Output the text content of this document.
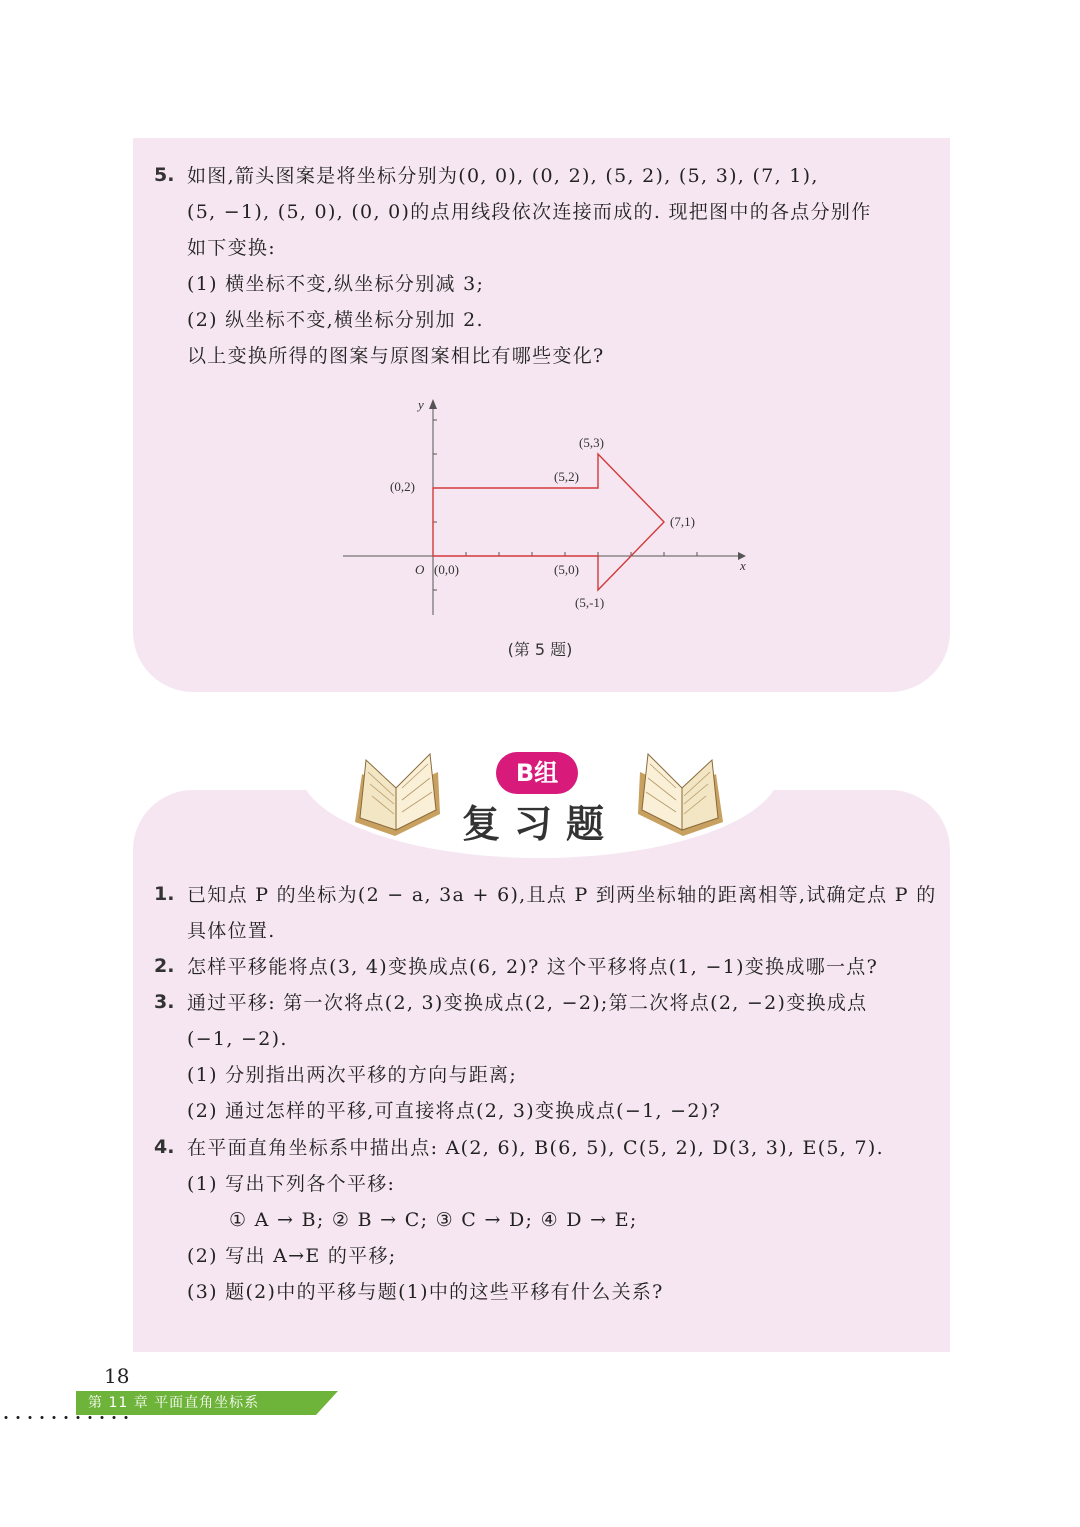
5. 如图,箭头图案是将坐标分别为(0, 0), (0, 2), (5, 2), (5, 3), (7, 1),
(5, −1), (5, 0), (0, 0)的点用线段依次连接而成的. 现把图中的各点分别作
如下变换:
(1) 横坐标不变,纵坐标分别减 3;
(2) 纵坐标不变,横坐标分别加 2.
以上变换所得的图案与原图案相比有哪些变化?
x
y
O (0,0)
(0,2)
(5,2)
(5,3)
(7,1)
(5,-1)
(5,0)
(第 5 题)
B组
复习题
1. 已知点 P 的坐标为(2 − a, 3a + 6),且点 P 到两坐标轴的距离相等,试确定点 P 的
具体位置.
2. 怎样平移能将点(3, 4)变换成点(6, 2)? 这个平移将点(1, −1)变换成哪一点?
3. 通过平移: 第一次将点(2, 3)变换成点(2, −2);第二次将点(2, −2)变换成点
(−1, −2).
(1) 分别指出两次平移的方向与距离;
(2) 通过怎样的平移,可直接将点(2, 3)变换成点(−1, −2)?
4. 在平面直角坐标系中描出点: A(2, 6), B(6, 5), C(5, 2), D(3, 3), E(5, 7).
(1) 写出下列各个平移:
① A → B; ② B → C; ③ C → D; ④ D → E;
(2) 写出 A→E 的平移;
(3) 题(2)中的平移与题(1)中的这些平移有什么关系?
18
第 11 章 平面直角坐标系
